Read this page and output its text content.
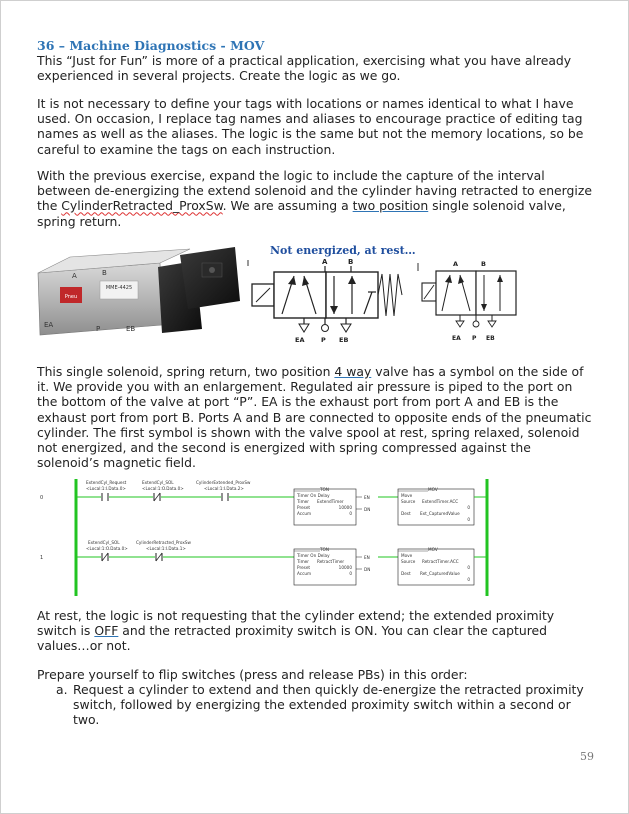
36 – Machine Diagnostics - MOV

This “Just for Fun” is more of a practical application, exercising what you have already experienced in several projects. Create the logic as we go.

It is not necessary to define your tags with locations or names identical to what I have used. On occasion, I replace tag names and aliases to encourage practice of editing tag names as well as the aliases. The logic is the same but not the memory locations, so be careful to examine the tags on each instruction.

With the previous exercise, expand the logic to include the capture of the interval between de-energizing the extend solenoid and the cylinder having retracted to energize the CylinderRetracted_ProxSw. We are assuming a two position single solenoid valve, spring return.

Pneu
MME-4425
A	B
EA	P	EB
Not energized, at rest…
A	B
EA	P EB
A	B
EA P EB

This single solenoid, spring return, two position 4 way valve has a symbol on the side of it. We provide you with an enlargement. Regulated air pressure is piped to the port on the bottom of the valve at port “P”. EA is the exhaust port from port A and EB is the exhaust port from port B. Ports A and B are connected to opposite ends of the pneumatic cylinder. The first symbol is shown with the valve spool at rest, spring relaxed, solenoid not energized, and the second is energized with spring compressed against the solenoid’s magnetic field.

0
ExtendCyl_Request
<Local:1:I.Data.0>
ExtendCyl_SOL
<Local:1:O.Data.0>
CylinderExtended_ProxSw
<Local:1:I.Data.2>	TON
Timer On Delay
Timer ExtendTimer
Preset	10000
Accum	0
EN
DN
MOV
Move
Source ExtendTimer.ACC
0
Dest Ext_CapturedValue
0
1
ExtendCyl_SOL
<Local:1:O.Data.0>
CylinderRetracted_ProxSw
<Local:1:I.Data.1>	TON
Timer On Delay
Timer RetractTimer
Preset	10000
Accum	0
EN
DN
MOV
Move
Source RetractTimer.ACC
0
Dest Ret_CapturedValue
0

At rest, the logic is not requesting that the cylinder extend; the extended proximity switch is OFF and the retracted proximity switch is ON. You can clear the captured values…or not.

Prepare yourself to flip switches (press and release PBs) in this order:

a. Request a cylinder to extend and then quickly de-energize the retracted proximity switch, followed by energizing the extended proximity switch within a second or two.
59
